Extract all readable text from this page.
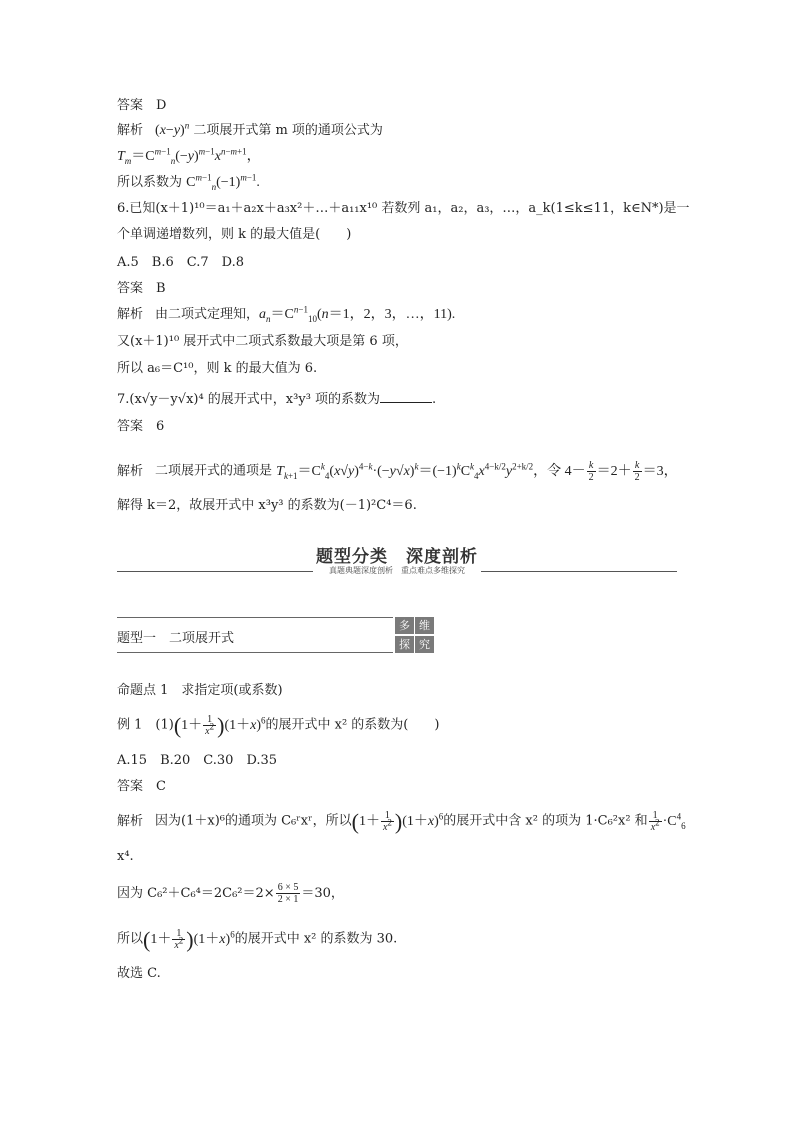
答案　D
解析 $(x-y)^n$ 二项展开式第 m 项的通项公式为
$T_m=C^{m-1}_n(-y)^{m-1}x^{n-m+1}$，
所以系数为 $C^{m-1}_n(-1)^{m-1}$.
6.已知(x＋1)¹⁰＝a₁＋a₂x＋a₃x²＋…＋a₁₁x¹⁰ 若数列 a₁，a₂，a₃，…，a_k(1≤k≤11，k∈N*)是一
个单调递增数列，则 k 的最大值是(　　)
A.5　B.6　C.7　D.8
答案　B
解析 由二项式定理知，$a_n=C^{n-1}_{10}(n=1$，2，3，…，11).
又(x＋1)¹⁰ 展开式中二项式系数最大项是第 6 项，
所以 a₆＝C¹⁰，则 k 的最大值为 6.
7.(x√y－y√x)⁴ 的展开式中，x³y³ 项的系数为	.
答案　6
解析 二项展开式的通项是 $T_{k+1}=C^k_4(x√y)^{4-k}\cdot(-y√x)^k=(-1)^kC^k_4x^{4-k/2}y^{2+k/2}$，令 $4- \frac{k}{2} =2+ \frac{k}{2} =3$，
解得 k＝2，故展开式中 x³y³ 的系数为(－1)²C⁴＝6.
题型分类　深度剖析
真题典题深度剖析　重点难点多维探究
题型一　二项展开式
多 维
探 究
命题点 1　求指定项(或系数)
例 1　$(1)(1+ \frac{1}{x^2} )(1+x)^6$的展开式中 x² 的系数为(　　)
A.15　B.20　C.30　D.35
答案　C
解析 因为(1＋x)⁶的通项为 C₆ʳxʳ，所以$(1+ \frac{1}{x^2} )(1+x)^6$的展开式中含 x² 的项为 1·C₆²x² 和 $\frac{1}{x^2} \cdot C^4_6$
x⁴.
因为 $C_6^2+C_6^4=2C_6^2=2\times \frac{6 \times 5}{2 \times 1} =30$，
所以$(1+ \frac{1}{x^2} )(1+x)^6$的展开式中 x² 的系数为 30.
故选 C.
